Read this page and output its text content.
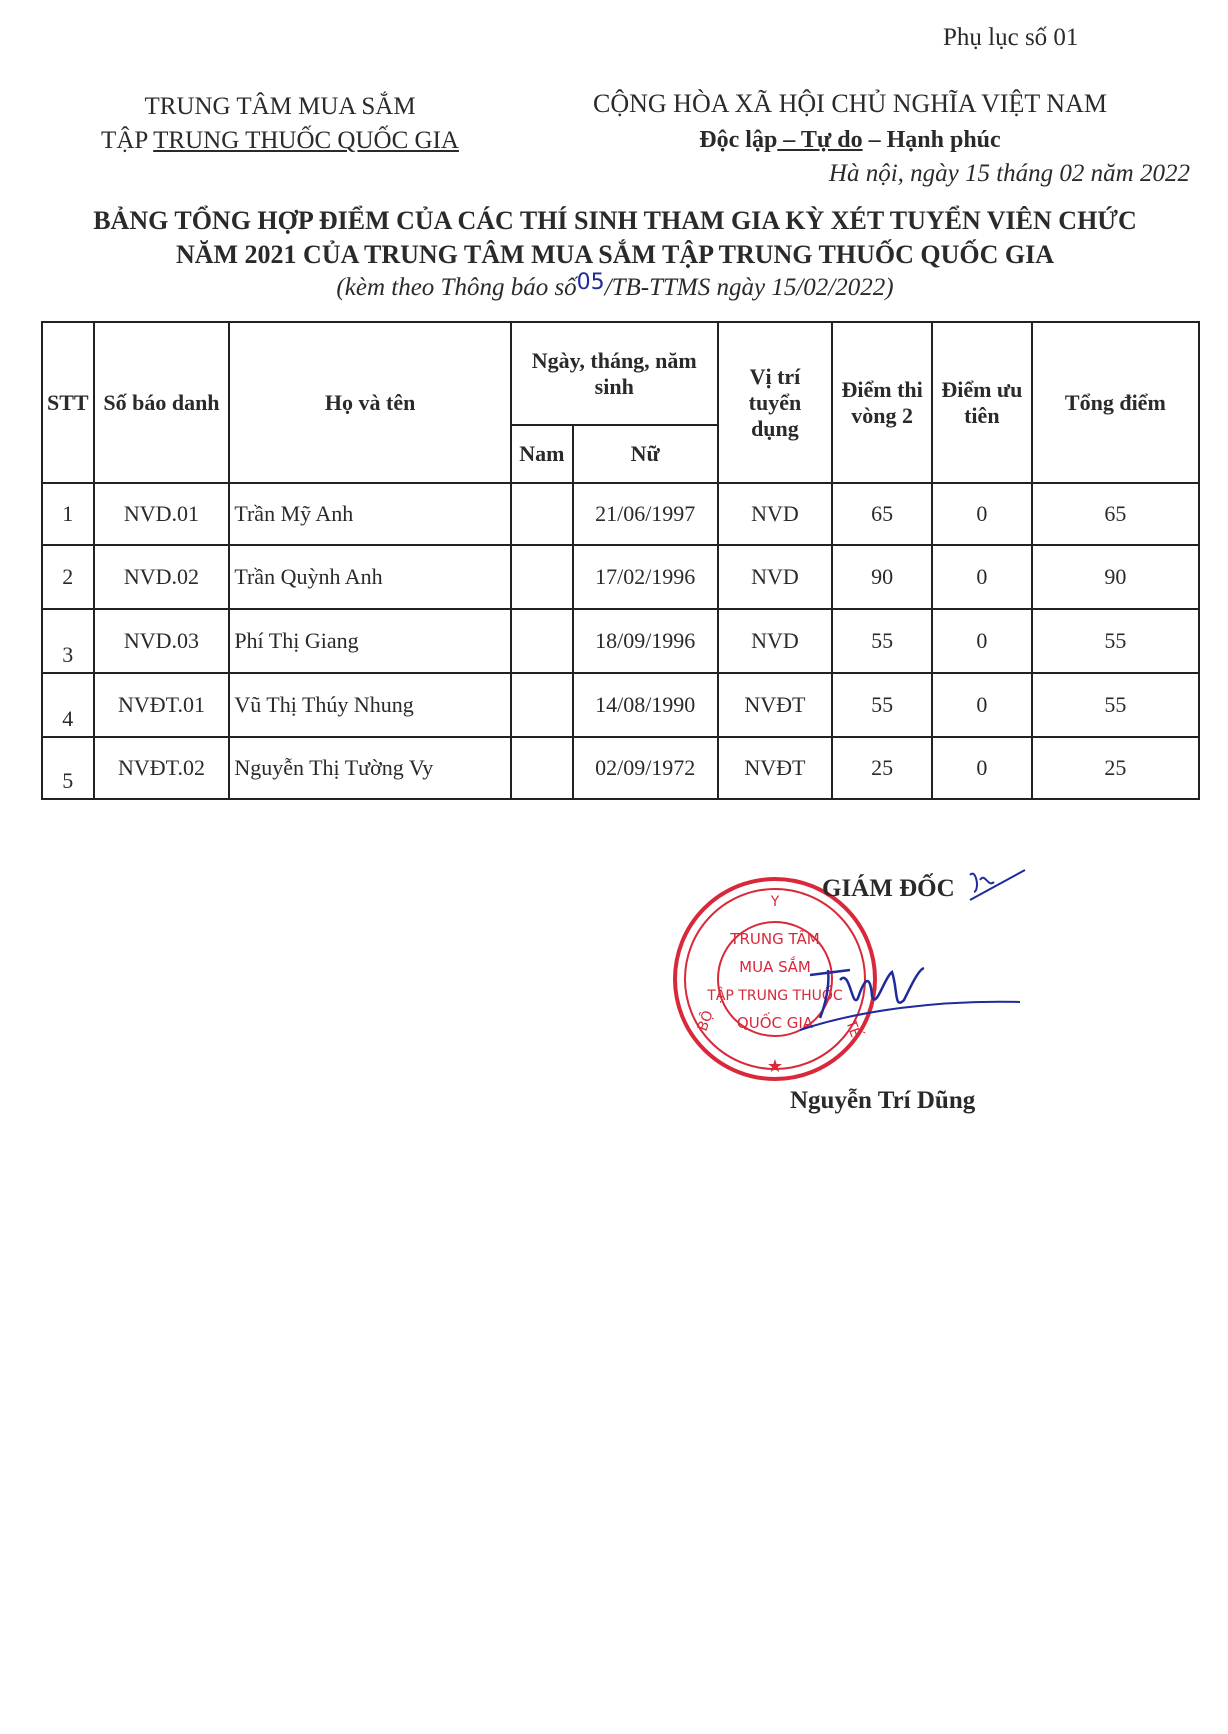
Phụ lục số 01
TRUNG TÂM MUA SẮM
TẬP TRUNG THUỐC QUỐC GIA
CỘNG HÒA XÃ HỘI CHỦ NGHĨA VIỆT NAM
Độc lập – Tự do – Hạnh phúc
Hà nội, ngày 15 tháng 02 năm 2022
BẢNG TỔNG HỢP ĐIỂM CỦA CÁC THÍ SINH THAM GIA KỲ XÉT TUYỂN VIÊN CHỨC
NĂM 2021 CỦA TRUNG TÂM MUA SẮM TẬP TRUNG THUỐC QUỐC GIA
(kèm theo Thông báo số05/TB-TTMS ngày 15/02/2022)
STT	Số báo danh	Họ và tên	Ngày, tháng, năm sinh		Vị trí tuyển dụng	Điểm thi vòng 2	Điểm ưu tiên	Tổng điểm
			Nam	Nữ				
1	NVD.01	Trần Mỹ Anh		21/06/1997	NVD	65	0	65
2	NVD.02	Trần Quỳnh Anh		17/02/1996	NVD	90	0	90
3	NVD.03	Phí Thị Giang		18/09/1996	NVD	55	0	55
4	NVĐT.01	Vũ Thị Thúy Nhung		14/08/1990	NVĐT	55	0	55
5	NVĐT.02	Nguyễn Thị Tường Vy		02/09/1972	NVĐT	25	0	25
Y
BỘ	TẾ
★
TRUNG TÂM
MUA SẮM
TẬP TRUNG THUỐC
QUỐC GIA
GIÁM ĐỐC
Nguyễn Trí Dũng
